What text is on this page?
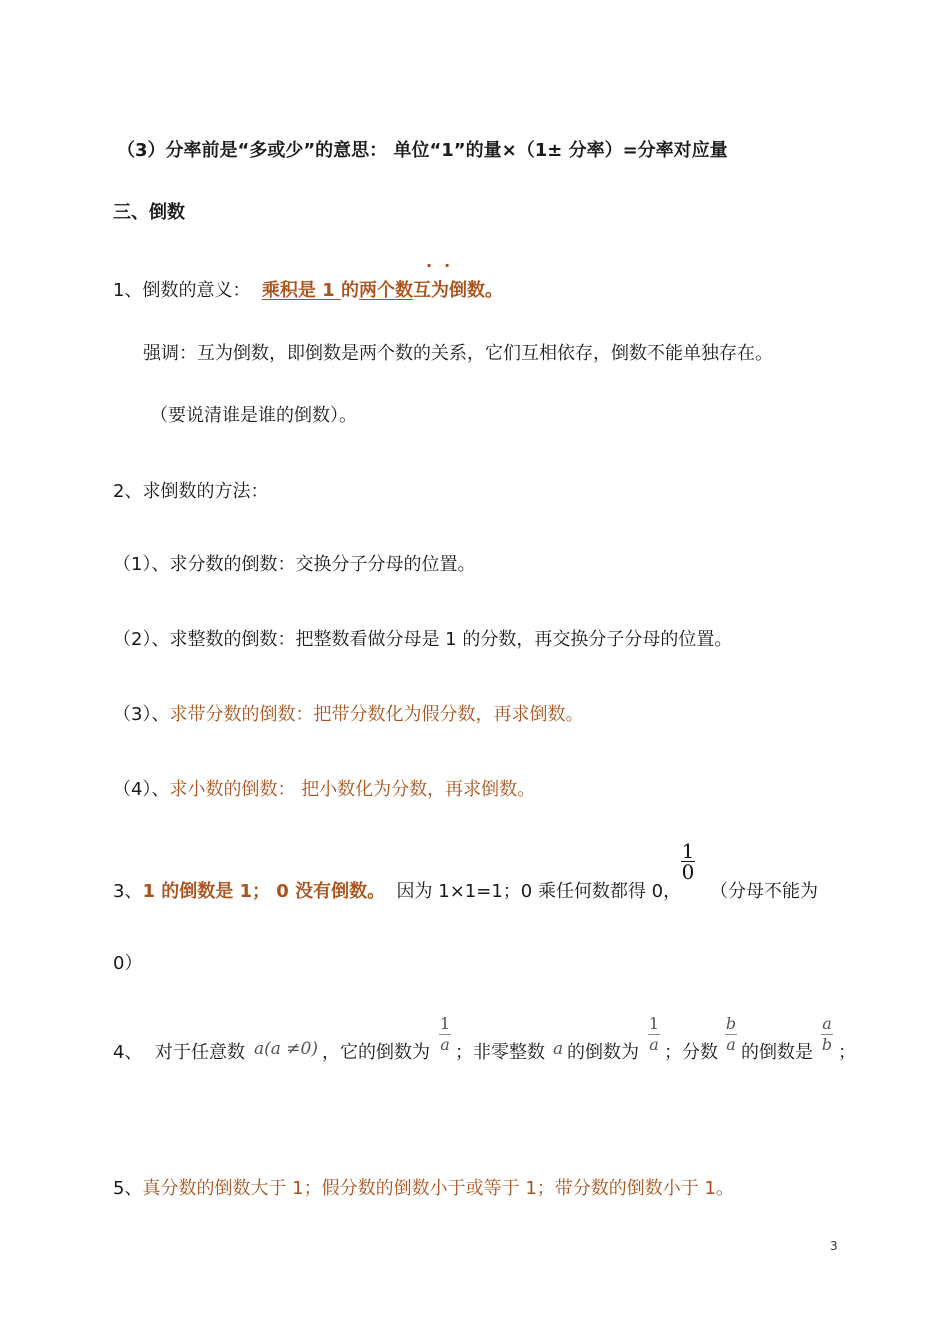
（3）分率前是“多或少”的意思： 单位“1”的量×（1± 分率）=分率对应量
三、倒数
··
1、倒数的意义： 乘积是 1 的两个数互为倒数。
强调：互为倒数，即倒数是两个数的关系，它们互相依存，倒数不能单独存在。
（要说清谁是谁的倒数）。
2、求倒数的方法：
（1）、求分数的倒数：交换分子分母的位置。
（2）、求整数的倒数：把整数看做分母是 1 的分数，再交换分子分母的位置。
（3）、求带分数的倒数：把带分数化为假分数，再求倒数。
（4）、求小数的倒数： 把小数化为分数，再求倒数。
3、1 的倒数是 1； 0 没有倒数。 因为 1×1=1；0 乘任何数都得 0，
1
0
（分母不能为
0）
4、 对于任意数 a(a ≠0) ，它的倒数为
1
a ；非零整数 a 的倒数为
1
a ；分数
b
a 的倒数是
a
b ；
5、真分数的倒数大于 1；假分数的倒数小于或等于 1；带分数的倒数小于 1。
3
